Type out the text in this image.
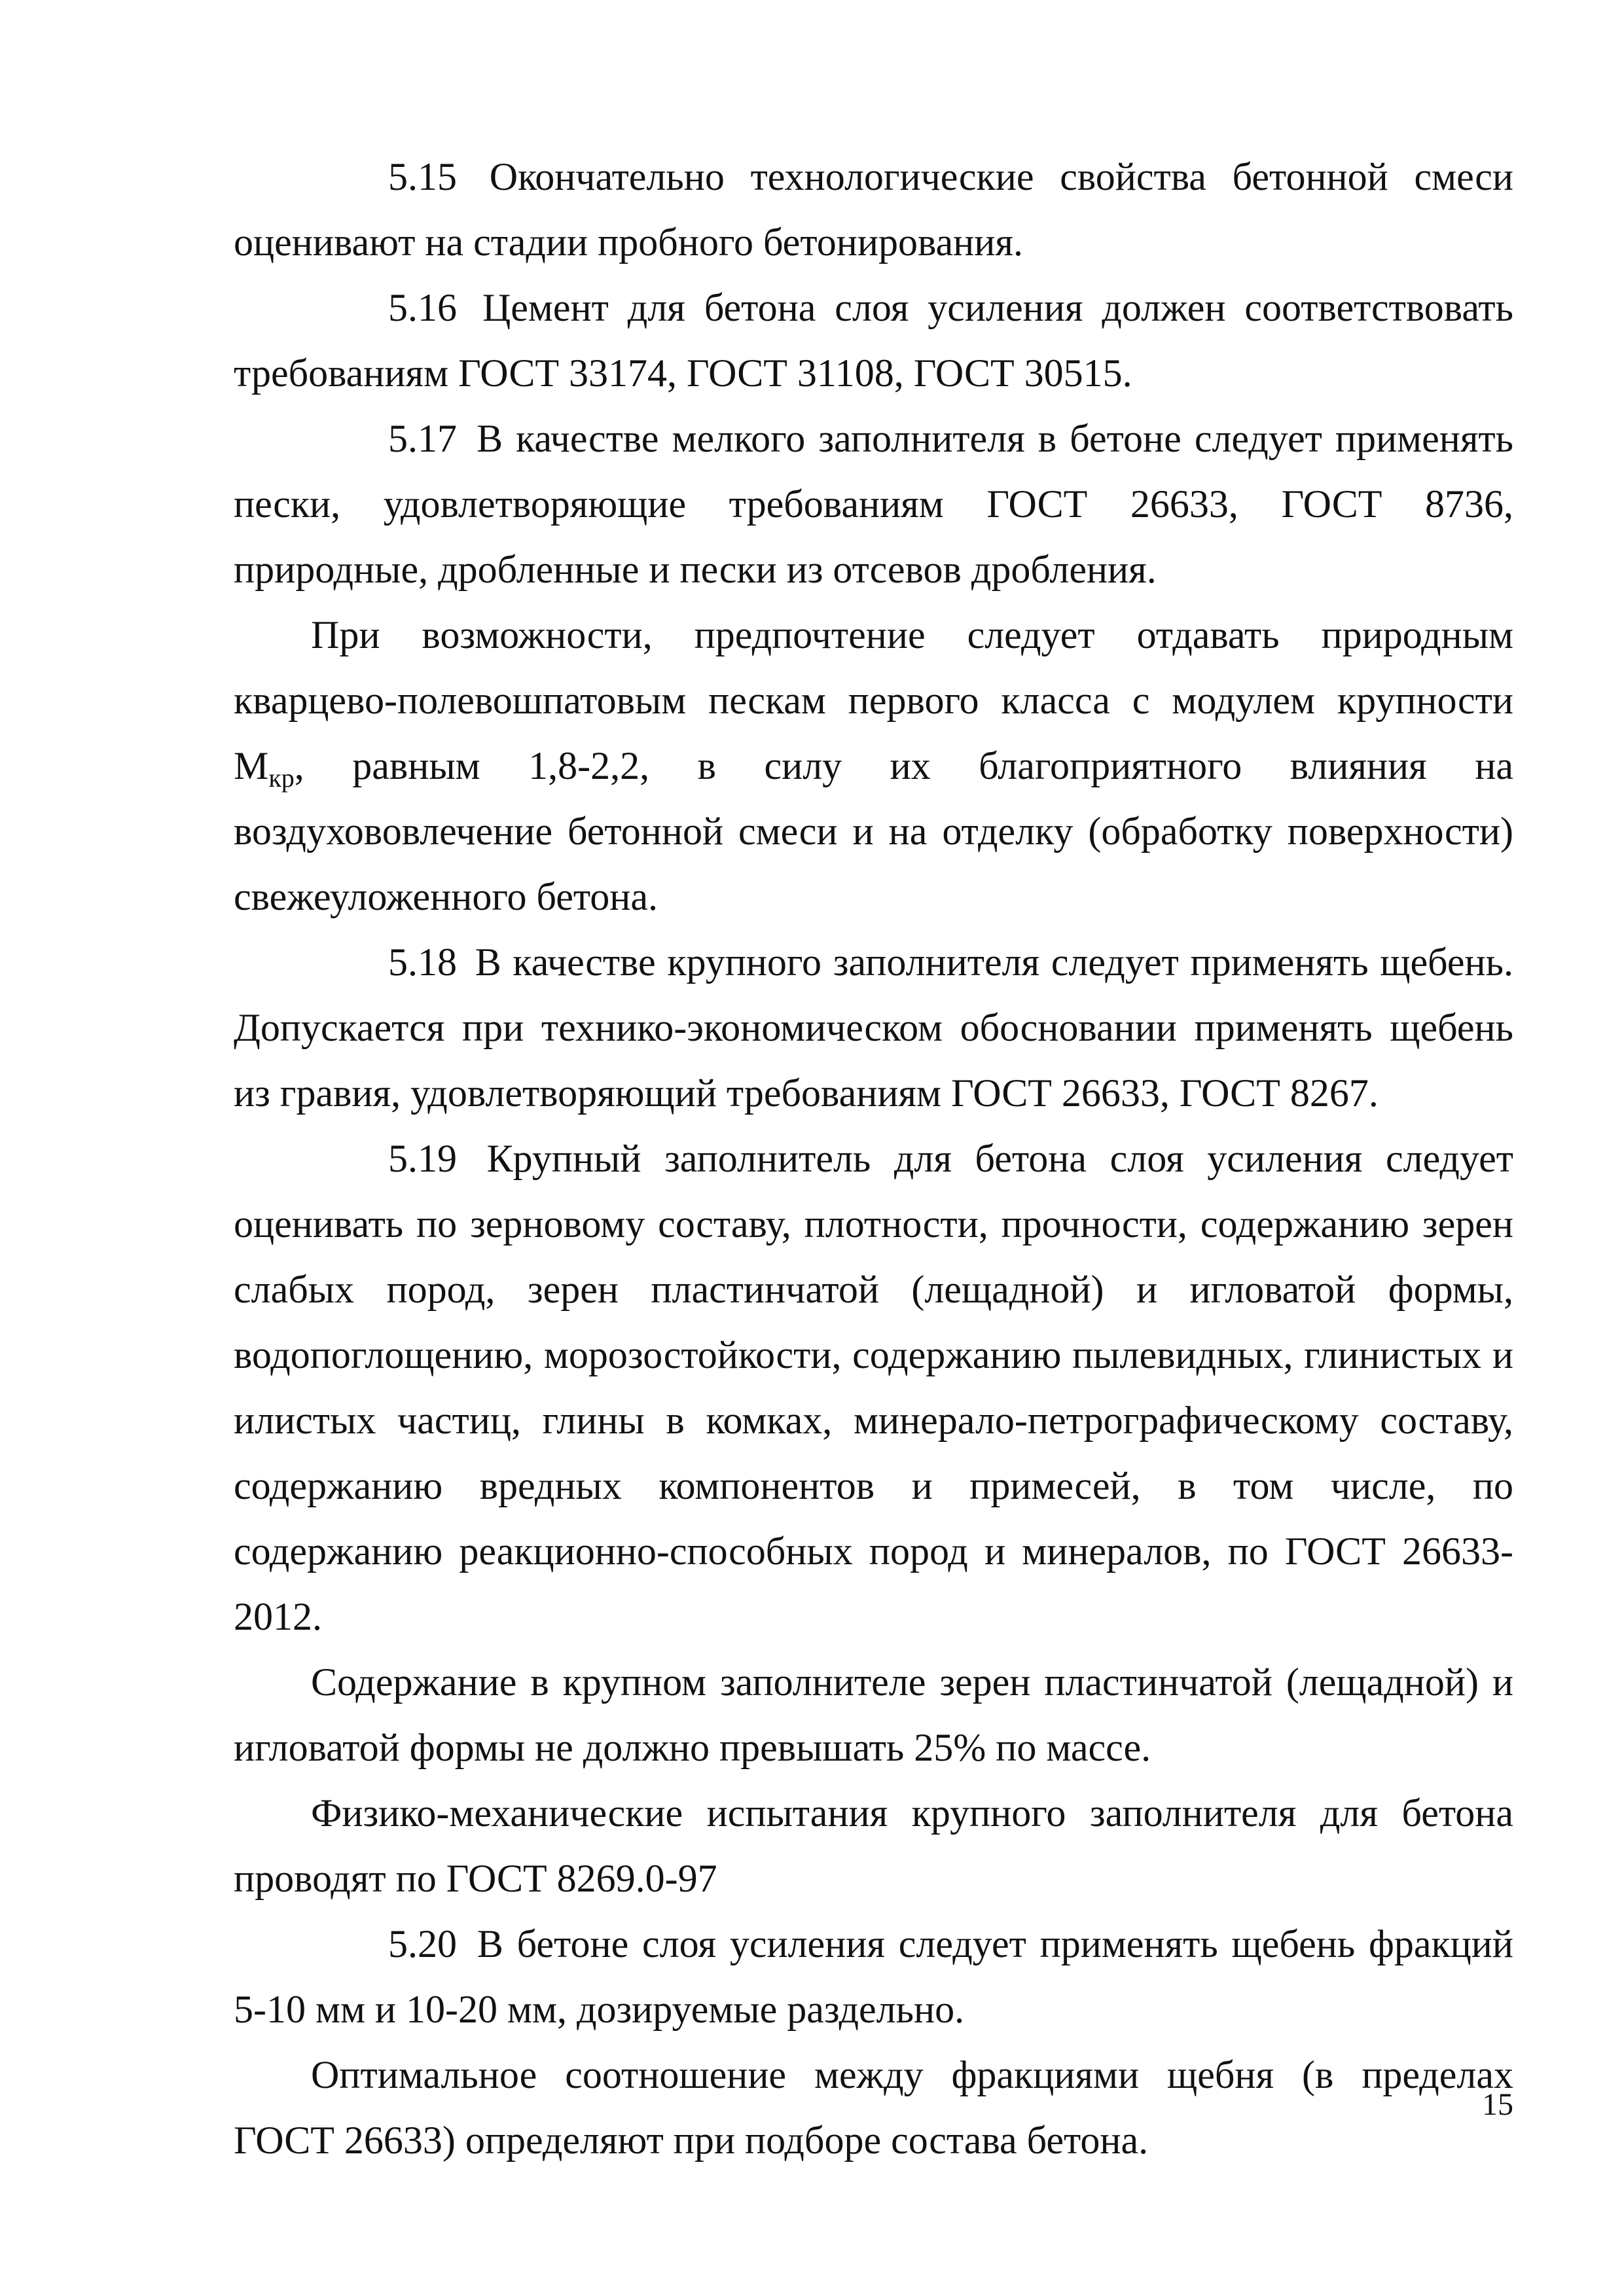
5.15 Окончательно технологические свойства бетонной смеси оценивают на стадии пробного бетонирования.

5.16 Цемент для бетона слоя усиления должен соответствовать требованиям ГОСТ 33174, ГОСТ 31108, ГОСТ 30515.

5.17 В качестве мелкого заполнителя в бетоне следует применять пески, удовлетворяющие требованиям ГОСТ 26633, ГОСТ 8736, природные, дробленные и пески из отсевов дробления.

При возможности, предпочтение следует отдавать природным кварцево-полевошпатовым пескам первого класса с модулем крупности $М_{кр}$, равным 1,8-2,2, в силу их благоприятного влияния на воздухововлечение бетонной смеси и на отделку (обработку поверхности) свежеуложенного бетона.

5.18 В качестве крупного заполнителя следует применять щебень. Допускается при технико-экономическом обосновании применять щебень из гравия, удовлетворяющий требованиям ГОСТ 26633, ГОСТ 8267.

5.19 Крупный заполнитель для бетона слоя усиления следует оценивать по зерновому составу, плотности, прочности, содержанию зерен слабых пород, зерен пластинчатой (лещадной) и игловатой формы, водопоглощению, морозостойкости, содержанию пылевидных, глинистых и илистых частиц, глины в комках, минерало-петрографическому составу, содержанию вредных компонентов и примесей, в том числе, по содержанию реакционно-способных пород и минералов, по ГОСТ 26633-2012.

Содержание в крупном заполнителе зерен пластинчатой (лещадной) и игловатой формы не должно превышать 25% по массе.

Физико-механические испытания крупного заполнителя для бетона проводят по ГОСТ 8269.0-97

5.20 В бетоне слоя усиления следует применять щебень фракций 5-10 мм и 10-20 мм, дозируемые раздельно.

Оптимальное соотношение между фракциями щебня (в пределах ГОСТ 26633) определяют при подборе состава бетона.

15
